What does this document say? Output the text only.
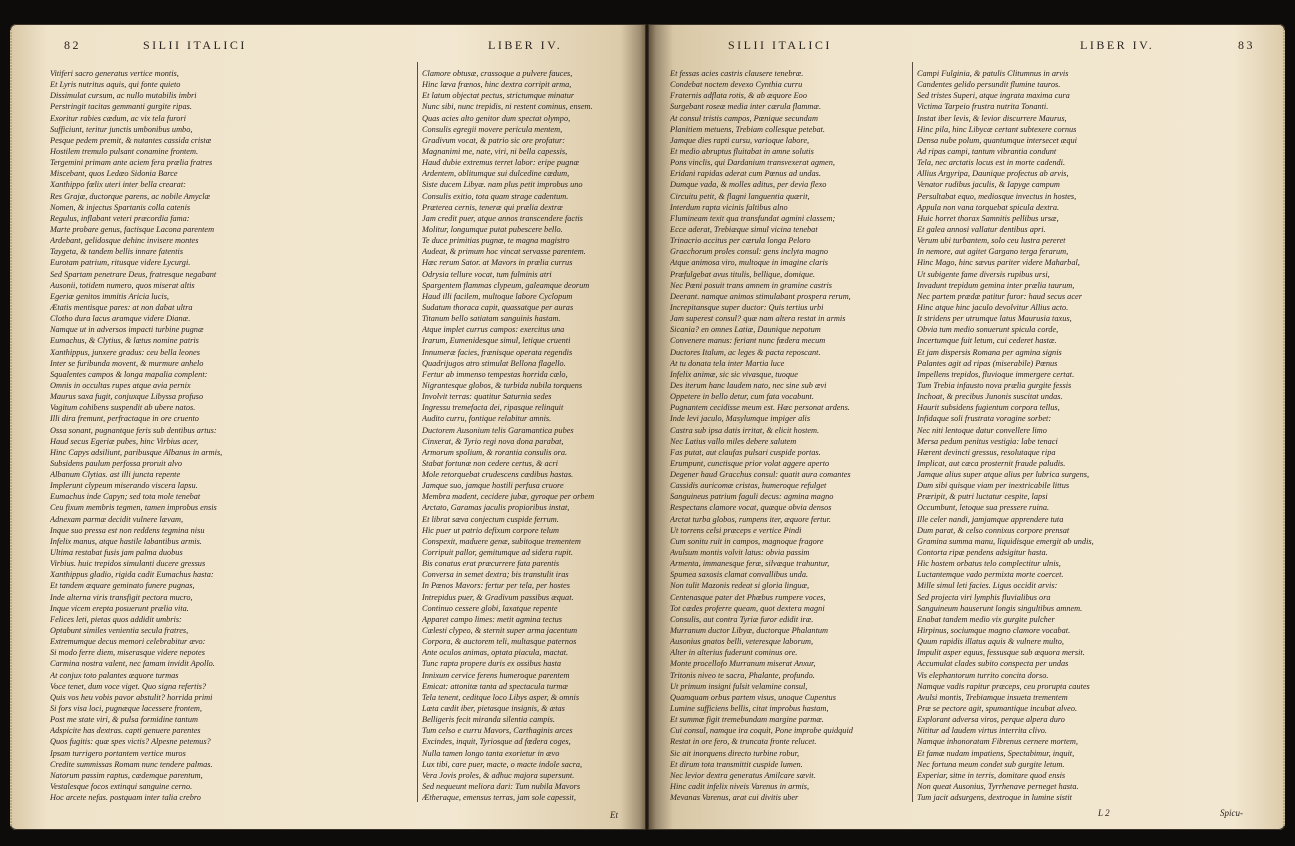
82	SILII ITALICI	LIBER IV.
Vitiferi sacro generatus vertice montis,
Et Lyris nutritus aquis, qui fonte quieto
Dissimulat cursum, ac nullo mutabilis imbri
Perstringit tacitas gemmanti gurgite ripas.
Exoritur rabies cædum, ac vix tela furori
Sufficiunt, teritur junctis umbonibus umbo,
Pesque pedem premit, & nutantes cassida cristæ
Hostilem tremulo pulsant conamine frontem.
Tergemini primam ante aciem fera prælia fratres
Miscebant, quos Ledæo Sidonia Barce
Xanthippo fœlix uteri inter bella crearat:
Res Grajæ, ductorque parens, ac nobile Amyclæ
Nomen, & injectus Spartanis colla catenis
Regulus, inflabant veteri præcordia fama:
Marte probare genus, factisque Lacona parentem
Ardebant, gelidosque dehinc invisere montes
Taygeta, & tandem bellis innare fatentis
Eurotam patrium, ritusque videre Lycurgi.
Sed Spartam penetrare Deus, fratresque negabant
Ausonii, totidem numero, quos miserat altis
Egeriæ genitos immitis Aricia lucis,
Ætatis mentisque pares: at non dabat ultra
Clotho dura lacus aramque videre Dianæ.
Namque ut in adversos impacti turbine pugnæ
Eumachus, & Clytius, & lætus nomine patris
Xanthippus, junxere gradus: ceu bella leones
Inter se furibunda movent, & murmure anhelo
Squalentes campos & longa mapalia complent:
Omnis in occultas rupes atque avia pernix
Maurus saxa fugit, conjuxque Libyssa profuso
Vagitum cohibens suspendit ab ubere natos.
Illi dira fremunt, perfractaque in ore cruento
Ossa sonant, pugnantque feris sub dentibus artus:
Haud secus Egeriæ pubes, hinc Virbius acer,
Hinc Capys adsiliunt, paribusque Albanus in armis,
Subsidens paulum perfossa proruit alvo
Albanum Clytias. ast illi juncta repente
Implerunt clypeum miserando viscera lapsu.
Eumachus inde Capyn; sed tota mole tenebat
Ceu fixum membris tegmen, tamen improbus ensis
Adnexam parmæ decidit vulnere lævam,
Inque suo pressa est non reddens tegmina nisu
Infelix manus, atque hastile labantibus armis.
Ultima restabat fusis jam palma duobus
Virbius. huic trepidos simulanti ducere gressus
Xanthippus gladio, rigida cadit Eumachus hasta:
Et tandem æquare geminato funere pugnas,
Inde alterna viris transfigit pectora mucro,
Inque vicem erepta posuerunt prælia vita.
Felices leti, pietas quos addidit umbris:
Optabunt similes venientia secula fratres,
Extremumque decus memori celebrabitur ævo:
Si modo ferre diem, miserasque videre nepotes
Carmina nostra valent, nec famam invidit Apollo.
At conjux toto palantes æquore turmas
Voce tenet, dum voce viget. Quo signa refertis?
Quis vos heu vobis pavor abstulit? horrida primi
Si fors visa loci, pugnæque lacessere frontem,
Post me state viri, & pulsa formidine tantum
Adspicite has dextras. capti genuere parentes
Quos fugitis: quæ spes victis? Alpesne petemus?
Ipsam turrigero portantem vertice muros
Credite summissas Romam nunc tendere palmas.
Natorum passim raptus, cædemque parentum,
Vestalesque focos extinqui sanguine cerno.
Hoc arcete nefas. postquam inter talia crebro
Clamore obtusæ, crassoque a pulvere fauces,
Hinc læva frænos, hinc dextra corripit arma,
Et latum objectat pectus, strictumque minatur
Nunc sibi, nunc trepidis, ni restent cominus, ensem.
Quas acies alto genitor dum spectat olympo,
Consulis egregii movere pericula mentem,
Gradivum vocat, & patrio sic ore profatur:
Magnanimi me, nate, viri, ni bella capessis,
Haud dubie extremus terret labor: eripe pugnæ
Ardentem, oblitumque sui dulcedine cædum,
Siste ducem Libyæ. nam plus petit improbus uno
Consulis exitio, tota quam strage cadentum.
Præterea cernis, teneræ qui prælia dextræ
Jam credit puer, atque annos transcendere factis
Molitur, longumque putat pubescere bello.
Te duce primitias pugnæ, te magna magistro
Audeat, & primum hoc vincat servasse parentem.
Hæc rerum Sator. at Mavors in prælia currus
Odrysia tellure vocat, tum fulminis atri
Spargentem flammas clypeum, galeamque deorum
Haud illi facilem, multoque labore Cyclopum
Sudatum thoraca capit, quassatque per auras
Titanum bello satiatam sanguinis hastam.
Atque implet currus campos: exercitus una
Irarum, Eumenidesque simul, letique cruenti
Innumeræ facies, frænisque operata regendis
Quadrijugos atro stimulat Bellona flagello.
Fertur ab immenso tempestas horrida cælo,
Nigrantesque globos, & turbida nubila torquens
Involvit terras: quatitur Saturnia sedes
Ingressu tremefacta dei, ripasque relinquit
Audito curru, fontique relabitur amnis.
Ductorem Ausonium telis Garamantica pubes
Cinxerat, & Tyrio regi nova dona parabat,
Armorum spolium, & rorantia consulis ora.
Stabat fortunæ non cedere certus, & acri
Mole retorquebat crudescens cædibus hastas.
Jamque suo, jamque hostili perfusa cruore
Membra madent, cecidere jubæ, gyroque per orbem
Arctato, Garamas jaculis propioribus instat,
Et librat sæva conjectum cuspide ferrum.
Hic puer ut patrio defixum corpore telum
Conspexit, maduere genæ, subitoque trementem
Corripuit pallor, gemitumque ad sidera rupit.
Bis conatus erat præcurrere fata parentis
Conversa in semet dextra; bis transtulit iras
In Pœnos Mavors: fertur per tela, per hostes
Intrepidus puer, & Gradivum passibus æquat.
Continuo cessere globi, laxatque repente
Apparet campo limes: metit agmina tectus
Cælesti clypeo, & sternit super arma jacentum
Corpora, & auctorem teli, multasque paternos
Ante oculos animas, optata piacula, mactat.
Tunc rapta propere duris ex ossibus hasta
Innixum cervice ferens humeroque parentem
Emicat: attonitæ tanta ad spectacula turmæ
Tela tenent, ceditque loco Libys asper, & omnis
Læta cædit iber, pietasque insignis, & ætas
Belligeris fecit miranda silentia campis.
Tum celso e curru Mavors, Carthaginis arces
Excindes, inquit, Tyriosque ad fœdera coges,
Nulla tamen longo tanta exorietur in ævo
Lux tibi, care puer, macte, o macte indole sacra,
Vera Jovis proles, & adhuc majora supersunt.
Sed nequeunt meliora dari: Tum nubila Mavors
Ætheraque, emensus terras, jam sole capessit,
Et
SILII ITALICI	LIBER IV.	83
Et fessas acies castris clausere tenebræ.
Condebat noctem devexo Cynthia curru
Fraternis adflata rotis, & ab æquore Eoo
Surgebant roseæ media inter cærula flammæ.
At consul tristis campos, Pœnique secundam
Planitiem metuens, Trebiam collesque petebat.
Jamque dies rapti cursu, varioque labore,
Et medio abruptus fluitabat in amne solutis
Pons vinclis, qui Dardanium transvexerat agmen,
Eridani rapidas aderat cum Pœnus ad undas.
Dumque vada, & molles aditus, per devia flexo
Circuitu petit, & flagni languentia quærit,
Interdum rapta vicinis faltibus alno
Flumineam texit qua transfundat agmini classem;
Ecce aderat, Trebiæque simul vicina tenebat
Trinacrio accitus per cærula longa Peloro
Gracchorum proles consul: gens inclyta magno
Atque animosa viro, multoque in imagine claris
Præfulgebat avus titulis, bellique, domique.
Nec Pœni posuit trans amnem in gramine castris
Deerant. namque animos stimulabant prospera rerum,
Increpitansque super ductor: Quis tertius urbi
Jam superest consul? quæ nam altera restat in armis
Sicania? en omnes Latiæ, Daunique nepotum
Convenere manus: feriant nunc fœdera mecum
Ductores Italum, ac leges & pacta reposcant.
At tu donata tela inter Martia luce
Infelix animæ, sic sic vivasque, tuoque
Des iterum hanc laudem nato, nec sine sub ævi
Oppetere in bello detur, cum fata vocabunt.
Pugnantem cecidisse meum est. Hæc personat ardens.
Inde levi jaculo, Masylumque impiger alis
Castra sub ipsa datis irritat, & elicit hostem.
Nec Latius vallo miles debere salutem
Fas putat, aut claufas pulsari cuspide portas.
Erumpunt, cunctisque prior volat aggere aperto
Degener haud Gracchus consul: quatit aura comantes
Cassidis auricomæ cristas, humeroque refulget
Sanguineus patrium faguli decus: agmina magno
Respectans clamore vocat, quæque obvia densos
Arctat turba globos, rumpens iter, æquore fertur.
Ut torrens celsi præceps e vertice Pindi
Cum sonitu ruit in campos, magnoque fragore
Avulsum montis volvit latus: obvia passim
Armenta, immanesque feræ, silvæque trahuntur,
Spumea saxosis clamat convallibus unda.
Non tulit Mazonis redeat si gloria linguæ,
Centenasque pater det Phœbus rumpere voces,
Tot cædes proferre queam, quot dextera magni
Consulis, aut contra Tyriæ furor edidit iræ.
Murranum ductor Libyæ, ductorque Phalantum
Ausonius gnatos belli, veteresque laborum,
Alter in alterius fuderunt cominus ore.
Monte procellofo Murranum miserat Anxur,
Tritonis niveo te sacra, Phalante, profundo.
Ut primum insigni fulsit velamine consul,
Quamquam orbus partem visus, unoque Cupentus
Lumine sufficiens bellis, citat improbus hastam,
Et summæ figit tremebundam margine parmæ.
Cui consul, namque ira coquit, Pone improbe quidquid
Restat in ore fero, & truncata fronte relucet.
Sic ait inorquens directo turbine robur,
Et dirum tota transmittit cuspide lumen.
Nec levior dextra generatus Amilcare sævit.
Hinc cadit infelix niveis Varenus in armis,
Mevanas Varenus, arat cui divitis uber
Campi Fulginia, & patulis Clitumnus in arvis
Candentes gelido persundit flumine tauros.
Sed tristes Superi, atque ingrata maxima cura
Victima Tarpeio frustra nutrita Tonanti.
Instat iber levis, & levior discurrere Maurus,
Hinc pila, hinc Libycæ certant subtexere cornus
Densa nube polum, quantumque intersecet æqui
Ad ripas campi, tantum vibrantia condunt
Tela, nec arctatis locus est in morte cadendi.
Allius Argyripa, Daunique profectus ab arvis,
Venator rudibus jaculis, & Iapyge campum
Persultabat equo, mediosque invectus in hostes,
Appula non vana torquebat spicula dextra.
Huic horret thorax Samnitis pellibus ursæ,
Et galea annosi vallatur dentibus apri.
Verum ubi turbantem, solo ceu lustra pereret
In nemore, aut agitet Gargano terga ferarum,
Hinc Mago, hinc sævus pariter videre Maharbal,
Ut subigente fame diversis rupibus ursi,
Invadunt trepidum gemina inter prælia taurum,
Nec partem prædæ patitur furor: haud secus acer
Hinc atque hinc jaculo devolvitur Allius acto.
It stridens per utrumque latus Maurusia taxus,
Obvia tum medio sonuerunt spicula corde,
Incertumque fuit letum, cui cederet hastæ.
Et jam dispersis Romana per agmina signis
Palantes agit ad ripas (miserabile) Pœnus
Impellens trepidos, fluvioque immergere certat.
Tum Trebia infausto nova prælia gurgite fessis
Inchoat, & precibus Junonis suscitat undas.
Haurit subsidens fugientum corpora tellus,
Infidaque soli frustrata voragine sorbet:
Nec niti lentoque datur convellere limo
Mersa pedum penitus vestigia: labe tenaci
Hærent devincti gressus, resolutaque ripa
Implicat, aut cæca prosternit fraude paludis.
Jamque alius super atque alius per lubrica surgens,
Dum sibi quisque viam per inextricabile littus
Præripit, & putri luctatur cespite, lapsi
Occumbunt, letoque sua pressere ruina.
Ille celer nandi, jamjamque apprendere tuta
Dum parat, & celso connixus corpore prensat
Gramina summa manu, liquidisque emergit ab undis,
Contorta ripæ pendens adsigitur hasta.
Hic hostem orbatus telo complectitur ulnis,
Luctantemque vado permixta morte coercet.
Mille simul leti facies. Ligus occidit arvis:
Sed projecta viri lymphis fluvialibus ora
Sanguineum hauserunt longis singultibus amnem.
Enabat tandem medio vix gurgite pulcher
Hirpinus, sociumque magno clamore vocabat.
Quum rapidis illatus aquis & vulnere multo,
Impulit asper equus, fessusque sub æquora mersit.
Accumulat clades subito conspecta per undas
Vis elephantorum turrito concita dorso.
Namque vadis rapitur præceps, ceu prorupta cautes
Avulsi montis, Trebiamque insueta trementem
Præ se pectore agit, spumantique incubat alveo.
Explorant adversa viros, perque alpera duro
Nititur ad laudem virtus interrita clivo.
Namque inhonoratam Fibrenus cernere mortem,
Et famæ nudam impatiens, Spectabimur, inquit,
Nec fortuna meum condet sub gurgite letum.
Experiar, sitne in terris, domitare quod ensis
Non queat Ausonius, Tyrrhenave perneget hasta.
Tum jacit adsurgens, dextroque in lumine sistit
L 2	Spicu-
